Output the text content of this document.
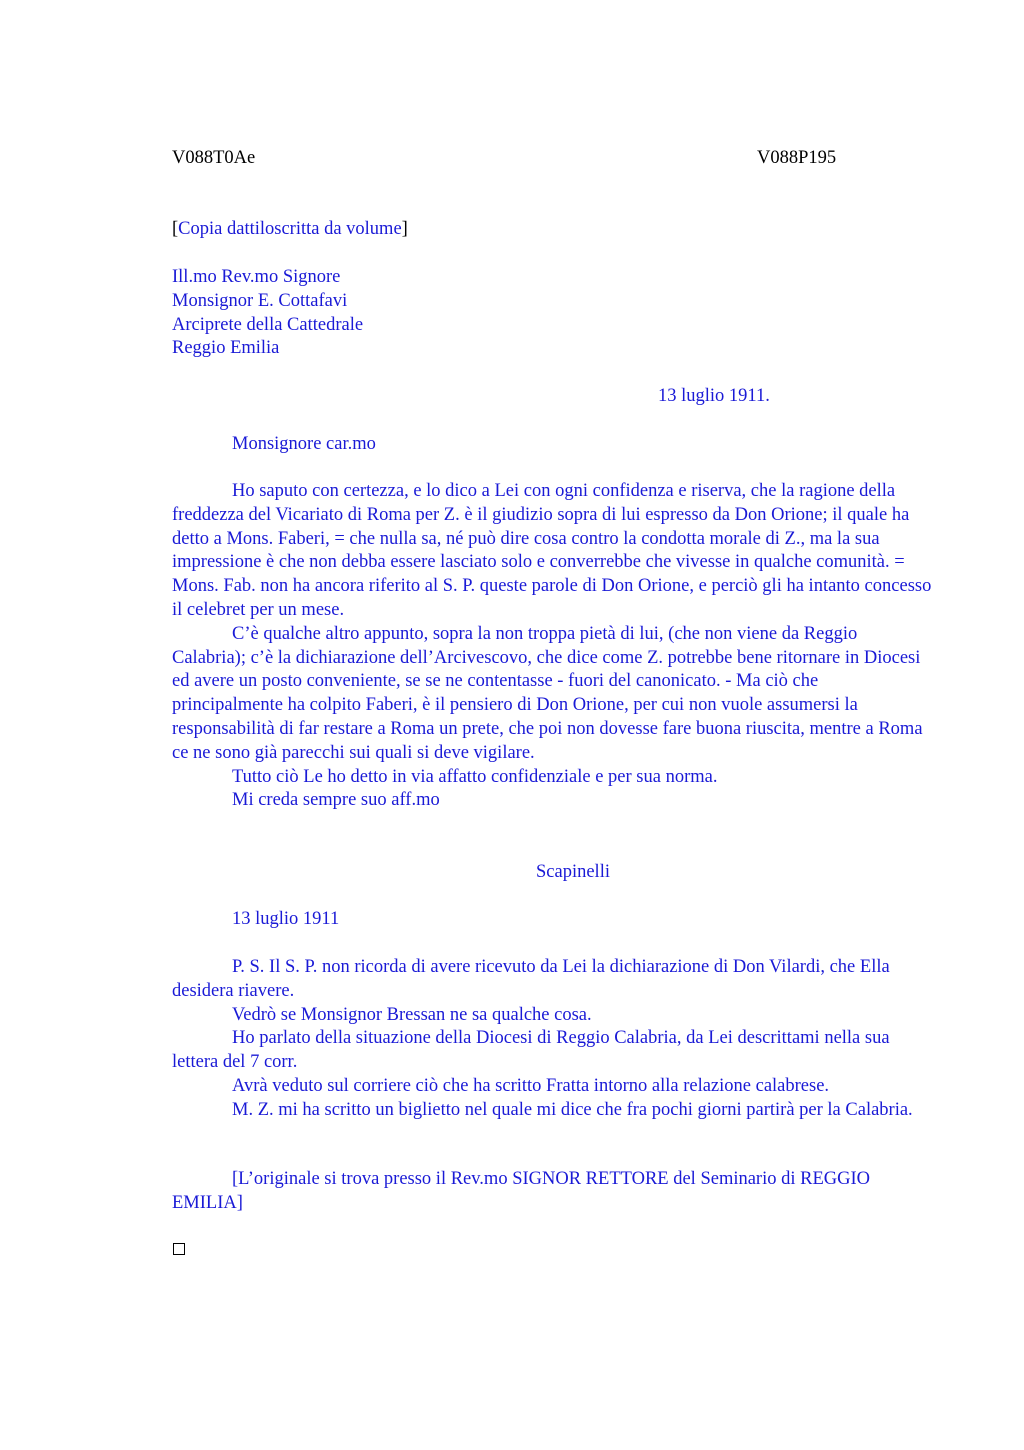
V088T0Ae	V088P195
[Copia dattiloscritta da volume]
Ill.mo Rev.mo Signore
Monsignor E. Cottafavi
Arciprete della Cattedrale
Reggio Emilia
13 luglio 1911.
Monsignore car.mo

Ho saputo con certezza, e lo dico a Lei con ogni confidenza e riserva, che la ragione della freddezza del Vicariato di Roma per Z. è il giudizio sopra di lui espresso da Don Orione; il quale ha detto a Mons. Faberi, = che nulla sa, né può dire cosa contro la condotta morale di Z., ma la sua impressione è che non debba essere lasciato solo e converrebbe che vivesse in qualche comunità. = Mons. Fab. non ha ancora riferito al S. P. queste parole di Don Orione, e perciò gli ha intanto concesso il celebret per un mese.

C’è qualche altro appunto, sopra la non troppa pietà di lui, (che non viene da Reggio Calabria); c’è la dichiarazione dell’Arcivescovo, che dice come Z. potrebbe bene ritornare in Diocesi ed avere un posto conveniente, se se ne contentasse - fuori del canonicato. - Ma ciò che principalmente ha colpito Faberi, è il pensiero di Don Orione, per cui non vuole assumersi la responsabilità di far restare a Roma un prete, che poi non dovesse fare buona riuscita, mentre a Roma ce ne sono già parecchi sui quali si deve vigilare.

Tutto ciò Le ho detto in via affatto confidenziale e per sua norma.

Mi creda sempre suo aff.mo

Scapinelli
13 luglio 1911

P. S. Il S. P. non ricorda di avere ricevuto da Lei la dichiarazione di Don Vilardi, che Ella desidera riavere.

Vedrò se Monsignor Bressan ne sa qualche cosa.

Ho parlato della situazione della Diocesi di Reggio Calabria, da Lei descrittami nella sua lettera del 7 corr.

Avrà veduto sul corriere ciò che ha scritto Fratta intorno alla relazione calabrese.

M. Z. mi ha scritto un biglietto nel quale mi dice che fra pochi giorni partirà per la Calabria.

[L’originale si trova presso il Rev.mo SIGNOR RETTORE del Seminario di REGGIO EMILIA]
